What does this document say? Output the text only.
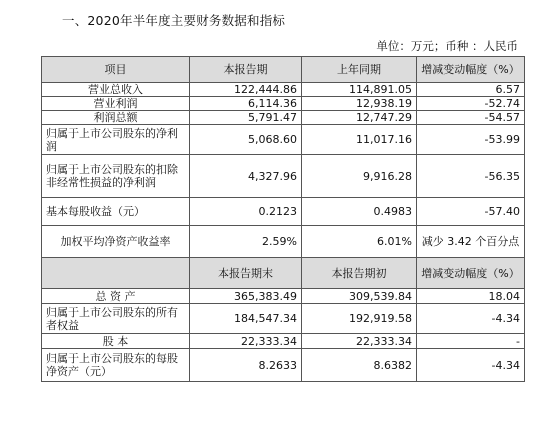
一、2020年半年度主要财务数据和指标
单位：万元；币种 ：人民币
项目	本报告期	上年同期	增减变动幅度（%）
营业总收入	122,444.86	114,891.05	6.57
营业利润	6,114.36	12,938.19	-52.74
利润总额	5,791.47	12,747.29	-54.57
归属于上市公司股东的净利润	5,068.60	11,017.16	-53.99
归属于上市公司股东的扣除非经常性损益的净利润	4,327.96	9,916.28	-56.35
基本每股收益（元）	0.2123	0.4983	-57.40
加权平均净资产收益率	2.59%	6.01%	减少 3.42 个百分点
	本报告期末	本报告期初	增减变动幅度（%）
总 资 产	365,383.49	309,539.84	18.04
归属于上市公司股东的所有者权益	184,547.34	192,919.58	-4.34
股 本	22,333.34	22,333.34	-
归属于上市公司股东的每股净资产（元）	8.2633	8.6382	-4.34
